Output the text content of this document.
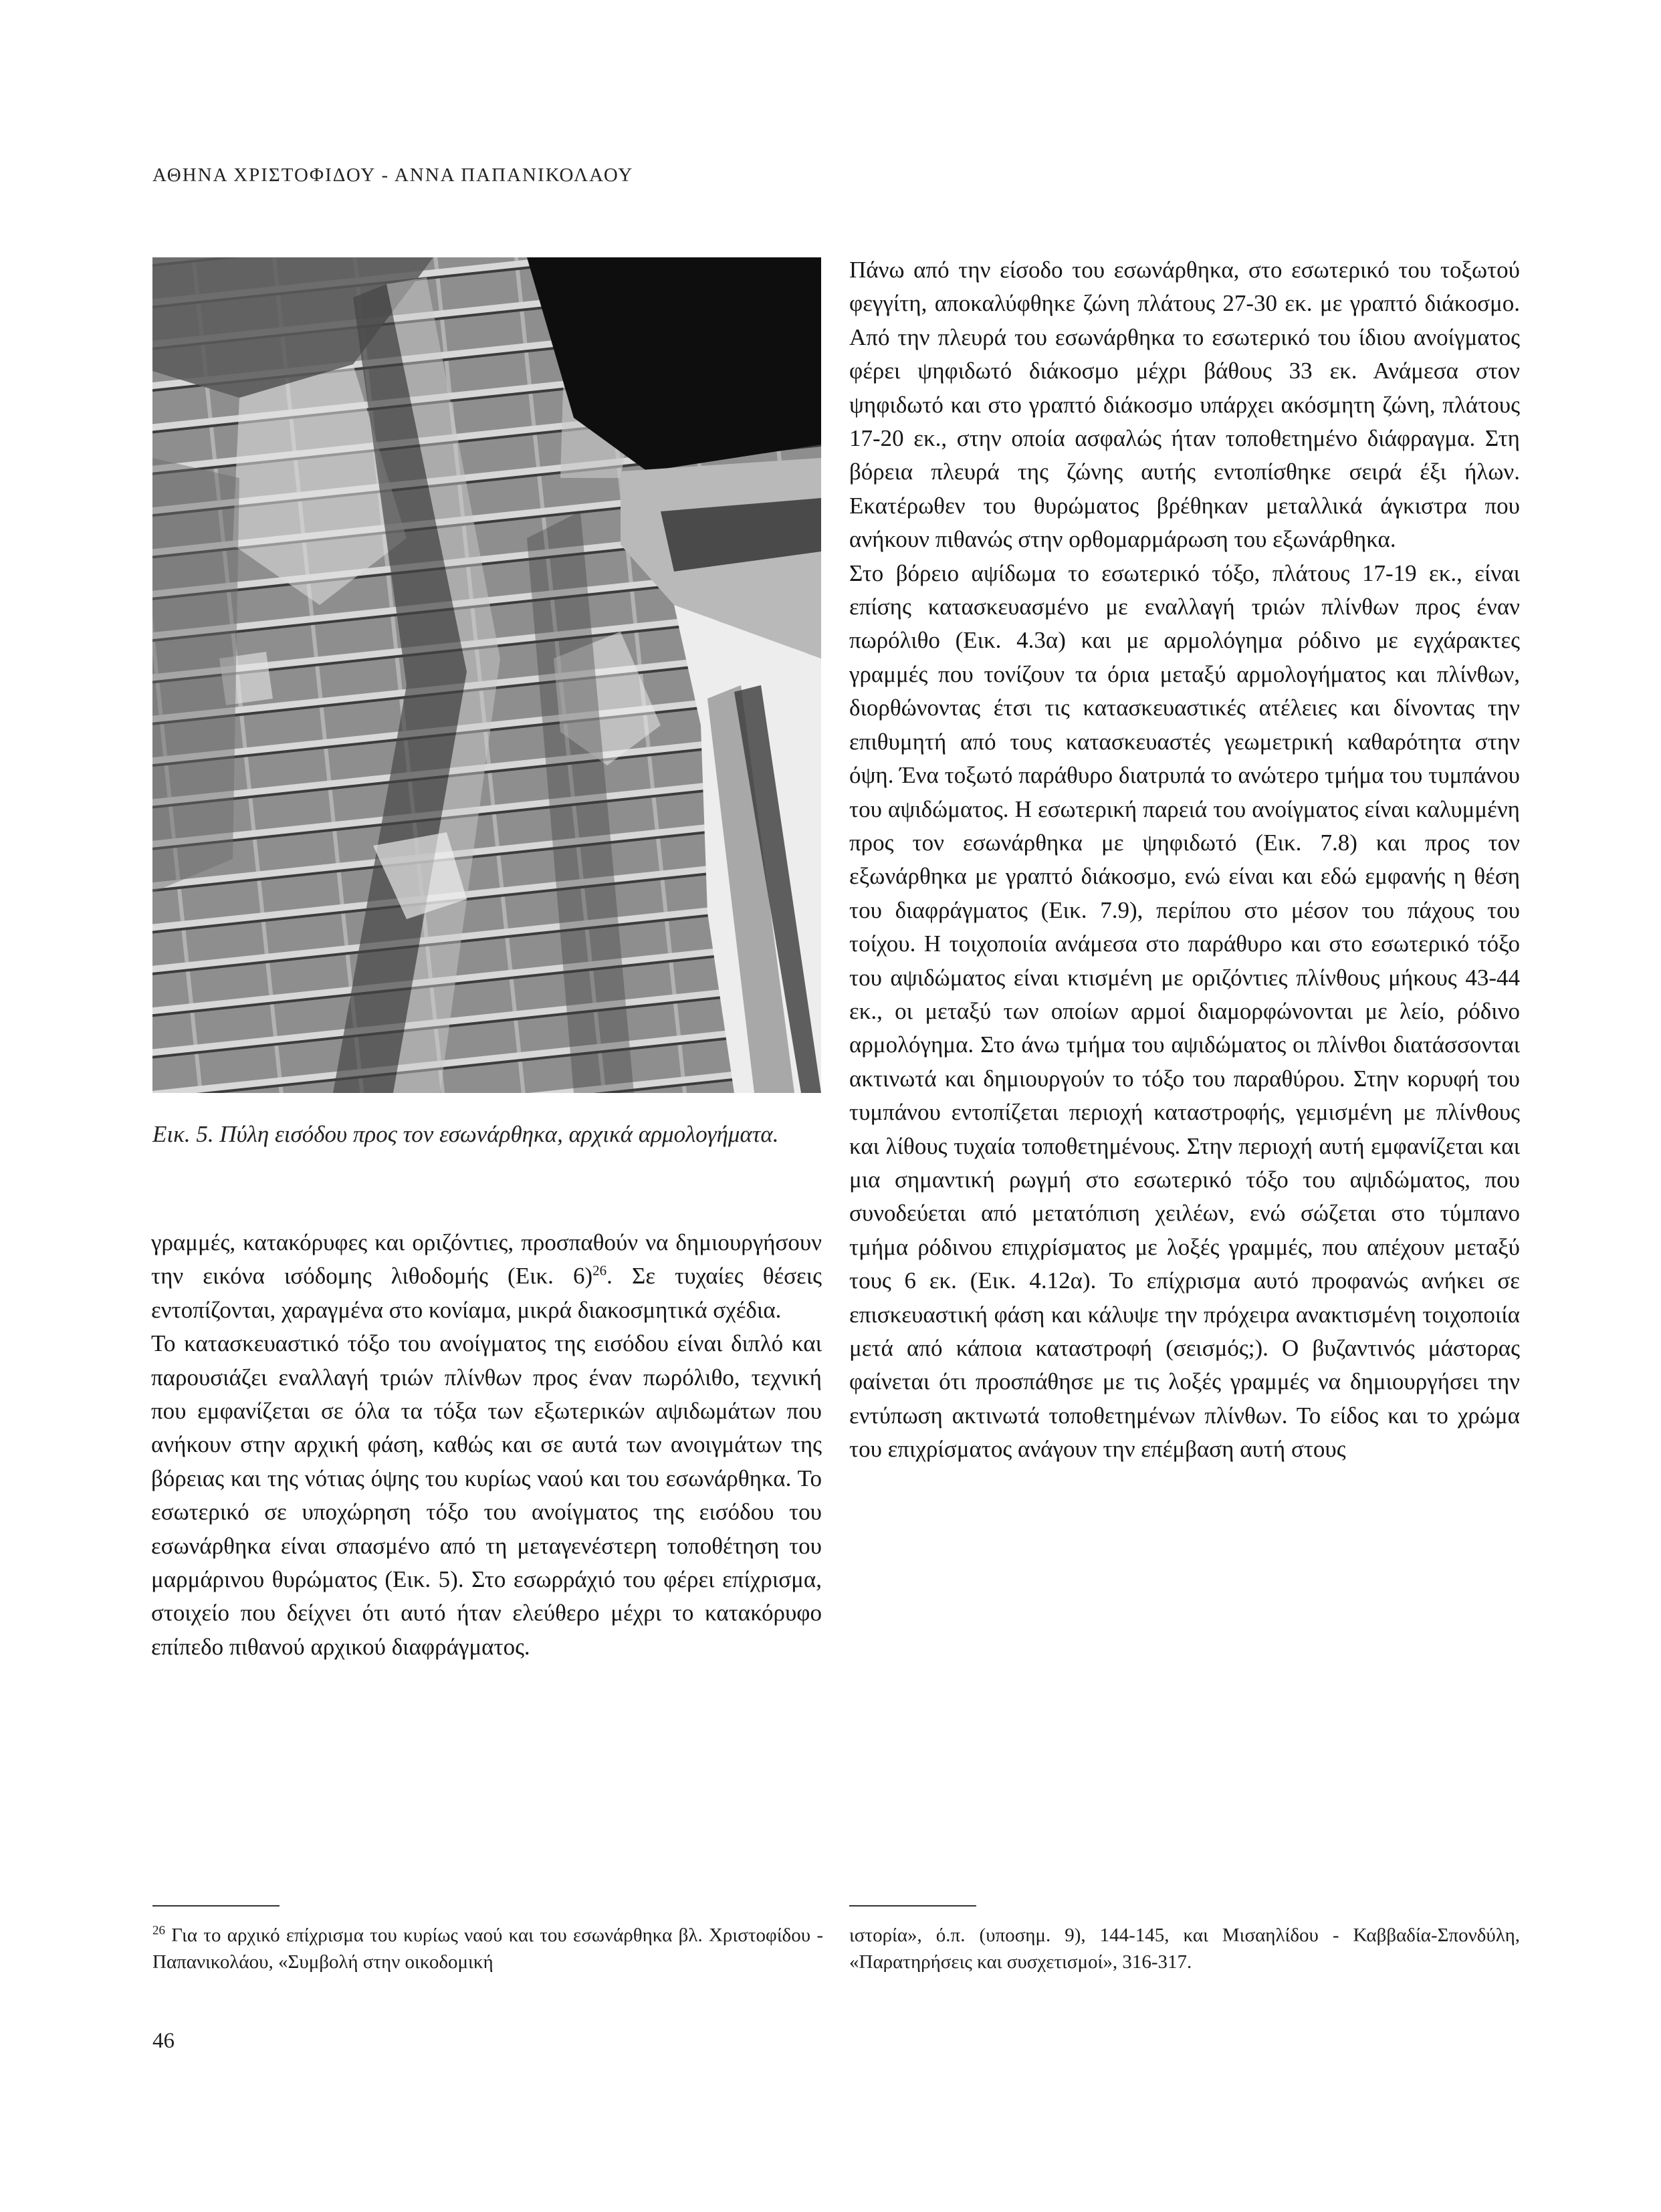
ΑΘΗΝΑ ΧΡΙΣΤΟΦΙΔΟΥ - ΑΝΝΑ ΠΑΠΑΝΙΚΟΛΑΟΥ

Εικ. 5. Πύλη εισόδου προς τον εσωνάρθηκα, αρχικά αρμολογήματα.

γραμμές, κατακόρυφες και οριζόντιες, προσπαθούν να δημιουργήσουν την εικόνα ισόδομης λιθοδομής (Εικ. 6)$^{26}$. Σε τυχαίες θέσεις εντοπίζονται, χαραγμένα στο κονίαμα, μικρά διακοσμητικά σχέδια.

Το κατασκευαστικό τόξο του ανοίγματος της εισόδου είναι διπλό και παρουσιάζει εναλλαγή τριών πλίνθων προς έναν πωρόλιθο, τεχνική που εμφανίζεται σε όλα τα τόξα των εξωτερικών αψιδωμάτων που ανήκουν στην αρχική φάση, καθώς και σε αυτά των ανοιγμάτων της βόρειας και της νότιας όψης του κυρίως ναού και του εσωνάρθηκα. Το εσωτερικό σε υποχώρηση τόξο του ανοίγματος της εισόδου του εσωνάρθηκα είναι σπασμένο από τη μεταγενέστερη τοποθέτηση του μαρμάρινου θυρώματος (Εικ. 5). Στο εσωρράχιό του φέρει επίχρισμα, στοιχείο που δείχνει ότι αυτό ήταν ελεύθερο μέχρι το κατακόρυφο επίπεδο πιθανού αρχικού διαφράγματος.

Πάνω από την είσοδο του εσωνάρθηκα, στο εσωτερικό του τοξωτού φεγγίτη, αποκαλύφθηκε ζώνη πλάτους 27-30 εκ. με γραπτό διάκοσμο. Από την πλευρά του εσωνάρθηκα το εσωτερικό του ίδιου ανοίγματος φέρει ψηφιδωτό διάκοσμο μέχρι βάθους 33 εκ. Ανάμεσα στον ψηφιδωτό και στο γραπτό διάκοσμο υπάρχει ακόσμητη ζώνη, πλάτους 17-20 εκ., στην οποία ασφαλώς ήταν τοποθετημένο διάφραγμα. Στη βόρεια πλευρά της ζώνης αυτής εντοπίσθηκε σειρά έξι ήλων. Εκατέρωθεν του θυρώματος βρέθηκαν μεταλλικά άγκιστρα που ανήκουν πιθανώς στην ορθομαρμάρωση του εξωνάρθηκα.

Στο βόρειο αψίδωμα το εσωτερικό τόξο, πλάτους 17-19 εκ., είναι επίσης κατασκευασμένο με εναλλαγή τριών πλίνθων προς έναν πωρόλιθο (Εικ. 4.3α) και με αρμολόγημα ρόδινο με εγχάρακτες γραμμές που τονίζουν τα όρια μεταξύ αρμολογήματος και πλίνθων, διορθώνοντας έτσι τις κατασκευαστικές ατέλειες και δίνοντας την επιθυμητή από τους κατασκευαστές γεωμετρική καθαρότητα στην όψη. Ένα τοξωτό παράθυρο διατρυπά το ανώτερο τμήμα του τυμπάνου του αψιδώματος. Η εσωτερική παρειά του ανοίγματος είναι καλυμμένη προς τον εσωνάρθηκα με ψηφιδωτό (Εικ. 7.8) και προς τον εξωνάρθηκα με γραπτό διάκοσμο, ενώ είναι και εδώ εμφανής η θέση του διαφράγματος (Εικ. 7.9), περίπου στο μέσον του πάχους του τοίχου. Η τοιχοποιία ανάμεσα στο παράθυρο και στο εσωτερικό τόξο του αψιδώματος είναι κτισμένη με οριζόντιες πλίνθους μήκους 43-44 εκ., οι μεταξύ των οποίων αρμοί διαμορφώνονται με λείο, ρόδινο αρμολόγημα. Στο άνω τμήμα του αψιδώματος οι πλίνθοι διατάσσονται ακτινωτά και δημιουργούν το τόξο του παραθύρου. Στην κορυφή του τυμπάνου εντοπίζεται περιοχή καταστροφής, γεμισμένη με πλίνθους και λίθους τυχαία τοποθετημένους. Στην περιοχή αυτή εμφανίζεται και μια σημαντική ρωγμή στο εσωτερικό τόξο του αψιδώματος, που συνοδεύεται από μετατόπιση χειλέων, ενώ σώζεται στο τύμπανο τμήμα ρόδινου επιχρίσματος με λοξές γραμμές, που απέχουν μεταξύ τους 6 εκ. (Εικ. 4.12α). Το επίχρισμα αυτό προφανώς ανήκει σε επισκευαστική φάση και κάλυψε την πρόχειρα ανακτισμένη τοιχοποιία μετά από κάποια καταστροφή (σεισμός;). Ο βυζαντινός μάστορας φαίνεται ότι προσπάθησε με τις λοξές γραμμές να δημιουργήσει την εντύπωση ακτινωτά τοποθετημένων πλίνθων. Το είδος και το χρώμα του επιχρίσματος ανάγουν την επέμβαση αυτή στους

$^{26}$ Για το αρχικό επίχρισμα του κυρίως ναού και του εσωνάρθηκα βλ. Χριστοφίδου - Παπανικολάου, «Συμβολή στην οικοδομική

ιστορία», ό.π. (υποσημ. 9), 144-145, και Μισαηλίδου - Καββαδία-Σπονδύλη, «Παρατηρήσεις και συσχετισμοί», 316-317.

46
